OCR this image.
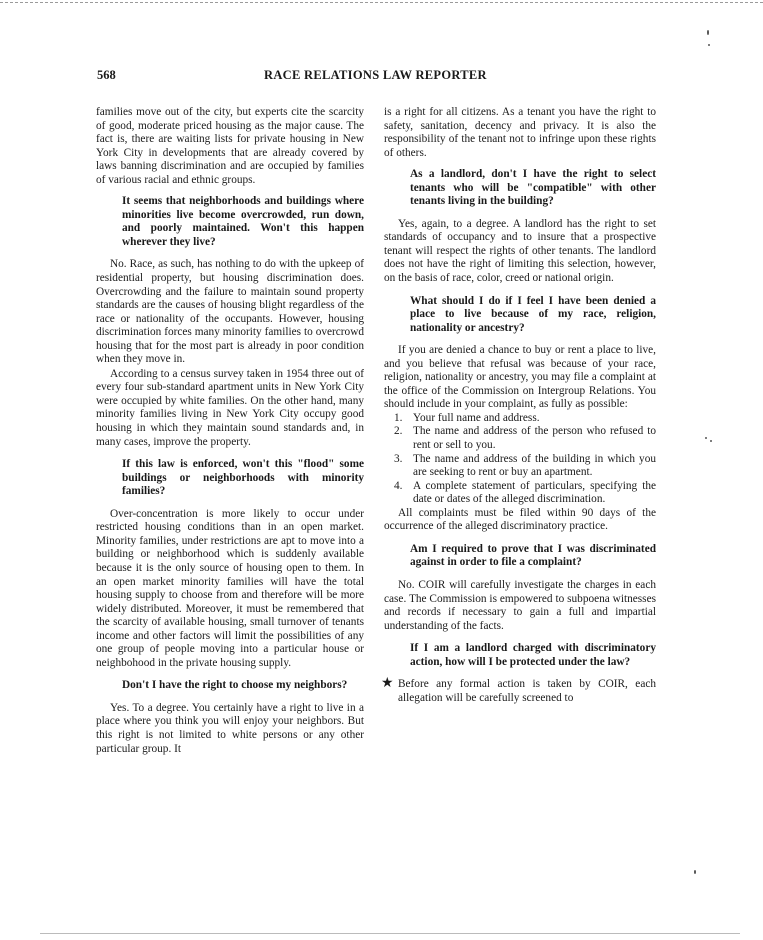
568	RACE RELATIONS LAW REPORTER

families move out of the city, but experts cite the scarcity of good, moderate priced housing as the major cause. The fact is, there are waiting lists for private housing in New York City in developments that are already covered by laws banning discrimination and are occupied by families of various racial and ethnic groups.

It seems that neighborhoods and buildings where minorities live become overcrowded, run down, and poorly maintained. Won't this happen wherever they live?

No. Race, as such, has nothing to do with the upkeep of residential property, but housing discrimination does. Overcrowding and the failure to maintain sound property standards are the causes of housing blight regardless of the race or nationality of the occupants. However, housing discrimination forces many minority families to overcrowd housing that for the most part is already in poor condition when they move in.

According to a census survey taken in 1954 three out of every four sub-standard apartment units in New York City were occupied by white families. On the other hand, many minority families living in New York City occupy good housing in which they maintain sound standards and, in many cases, improve the property.

If this law is enforced, won't this "flood" some buildings or neighborhoods with minority families?

Over-concentration is more likely to occur under restricted housing conditions than in an open market. Minority families, under restrictions are apt to move into a building or neighborhood which is suddenly available because it is the only source of housing open to them. In an open market minority families will have the total housing supply to choose from and therefore will be more widely distributed. Moreover, it must be remembered that the scarcity of available housing, small turnover of tenants income and other factors will limit the possibilities of any one group of people moving into a particular house or neighbohood in the private housing supply.

Don't I have the right to choose my neighbors?

Yes. To a degree. You certainly have a right to live in a place where you think you will enjoy your neighbors. But this right is not limited to white persons or any other particular group. It

is a right for all citizens. As a tenant you have the right to safety, sanitation, decency and privacy. It is also the responsibility of the tenant not to infringe upon these rights of others.

As a landlord, don't I have the right to select tenants who will be "compatible" with other tenants living in the building?

Yes, again, to a degree. A landlord has the right to set standards of occupancy and to insure that a prospective tenant will respect the rights of other tenants. The landlord does not have the right of limiting this selection, however, on the basis of race, color, creed or national origin.

What should I do if I feel I have been denied a place to live because of my race, religion, nationality or ancestry?

If you are denied a chance to buy or rent a place to live, and you believe that refusal was because of your race, religion, nationality or ancestry, you may file a complaint at the office of the Commission on Intergroup Relations. You should include in your complaint, as fully as possible:

1. Your full name and address.
2. The name and address of the person who refused to rent or sell to you.
3. The name and address of the building in which you are seeking to rent or buy an apartment.
4. A complete statement of particulars, specifying the date or dates of the alleged discrimination.

All complaints must be filed within 90 days of the occurrence of the alleged discriminatory practice.

Am I required to prove that I was discriminated against in order to file a complaint?

No. COIR will carefully investigate the charges in each case. The Commission is empowered to subpoena witnesses and records if necessary to gain a full and impartial understanding of the facts.

If I am a landlord charged with discriminatory action, how will I be protected under the law?

★ Before any formal action is taken by COIR, each allegation will be carefully screened to
